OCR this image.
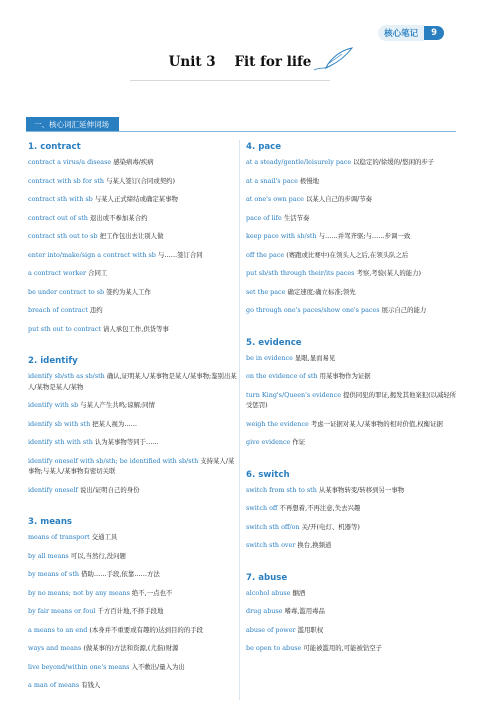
核心笔记	9
Unit 3    Fit for life
一、核心词汇延伸词场
1. contract
contract a virus/a disease 感染病毒/疾病
contract with sb for sth 与某人签订(合同或契约)
contract sth with sb 与某人正式缔结或确定某事物
contract out of sth 退出或不参加某合约
contract sth out to sb 把工作包出去让别人做
enter into/make/sign a contract with sb 与……签订合同
a contract worker 合同工
be under contract to sb 签约为某人工作
breach of contract 违约
put sth out to contract 请人承包工作,供货等事
2. identify
identify sb/sth as sb/sth 确认,证明某人/某事物是某人/某事物;鉴别出某人/某物是某人/某物
identify with sb 与某人产生共鸣;谅解;同情
identify sb with sth 把某人视为……
identify sth with sth 认为某事物等同于……
identify oneself with sb/sth; be identified with sb/sth 支持某人/某事物;与某人/某事物有密切关联
identify oneself 说出/证明自己的身份
3. means
means of transport 交通工具
by all means 可以,当然行,没问题
by means of sth 借助……手段,依靠……方法
by no means; not by any means 绝不,一点也不
by fair means or foul 千方百计地,不择手段地
a means to an end (本身并不重要或有趣的)达到目的的手段
ways and means (做某事的)方法和资源,(尤指)财源
live beyond/within one's means 入不敷出/量入为出
a man of means 有钱人
4. pace
at a steady/gentle/leisurely pace 以稳定的/徐缓的/悠闲的步子
at a snail's pace 极慢地
at one's own pace 以某人自己的步调/节奏
pace of life 生活节奏
keep pace with sb/sth 与……并驾齐驱;与……步调一致
off the pace (赛跑或比赛中)在领头人之后,在领头队之后
put sb/sth through their/its paces 考察,考验(某人的能力)
set the pace 确定速度;确立标准;领先
go through one's paces/show one's paces 展示自己的能力
5. evidence
be in evidence 显眼,显而易见
on the evidence of sth 用某事物作为证据
turn King's/Queen's evidence 提供同犯的罪证,揭发其他案犯(以减轻所受惩罚)
weigh the evidence 考虑一证据对某人/某事物的相对价值,权衡证据
give evidence 作证
6. switch
switch from sth to sth 从某事物转变/转移到另一事物
switch off 不再想着,不再注意,失去兴趣
switch sth off/on 关/开(电灯、机器等)
switch sth over 换台,换频道
7. abuse
alcohol abuse 酗酒
drug abuse 嗜毒,滥用毒品
abuse of power 滥用职权
be open to abuse 可能被滥用的,可能被钻空子
